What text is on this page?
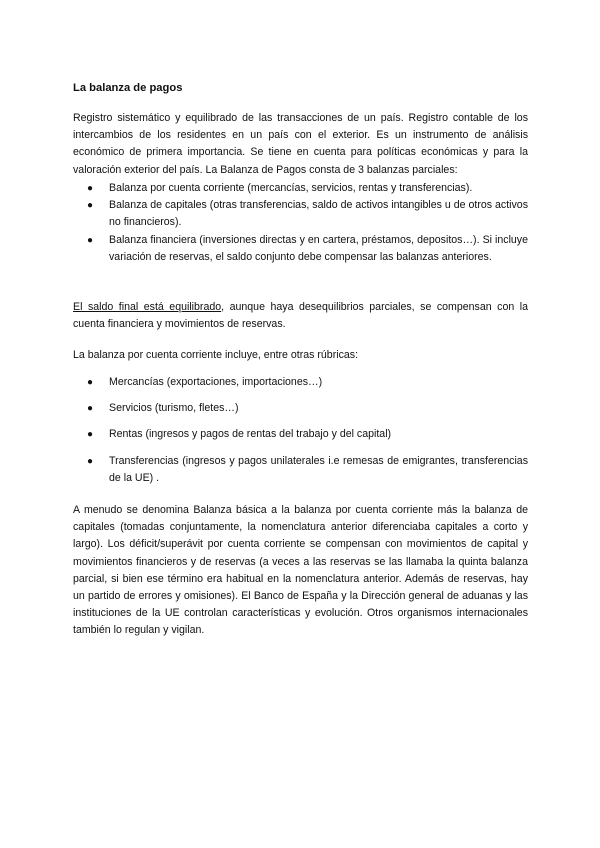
La balanza de pagos

Registro sistemático y equilibrado de las transacciones de un país. Registro contable de los intercambios de los residentes en un país con el exterior. Es un instrumento de análisis económico de primera importancia. Se tiene en cuenta para políticas económicas y para la valoración exterior del país. La Balanza de Pagos consta de 3 balanzas parciales:

● Balanza por cuenta corriente (mercancías, servicios, rentas y transferencias).
● Balanza de capitales (otras transferencias, saldo de activos intangibles u de otros activos no financieros).
● Balanza financiera (inversiones directas y en cartera, préstamos, depositos…). Si incluye variación de reservas, el saldo conjunto debe compensar las balanzas anteriores.

El saldo final está equilibrado, aunque haya desequilibrios parciales, se compensan con la cuenta financiera y movimientos de reservas.

La balanza por cuenta corriente incluye, entre otras rúbricas:

● Mercancías (exportaciones, importaciones…)
● Servicios (turismo, fletes…)
● Rentas (ingresos y pagos de rentas del trabajo y del capital)
● Transferencias (ingresos y pagos unilaterales i.e remesas de emigrantes, transferencias de la UE) .

A menudo se denomina Balanza básica a la balanza por cuenta corriente más la balanza de capitales (tomadas conjuntamente, la nomenclatura anterior diferenciaba capitales a corto y largo). Los déficit/superávit por cuenta corriente se compensan con movimientos de capital y movimientos financieros y de reservas (a veces a las reservas se las llamaba la quinta balanza parcial, si bien ese término era habitual en la nomenclatura anterior. Además de reservas, hay un partido de errores y omisiones). El Banco de España y la Dirección general de aduanas y las instituciones de la UE controlan características y evolución. Otros organismos internacionales también lo regulan y vigilan.
